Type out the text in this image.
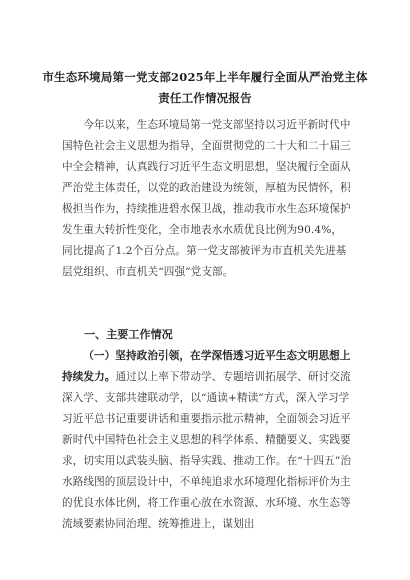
市生态环境局第一党支部2025年上半年履行全面从严治党主体责任工作情况报告
今年以来，生态环境局第一党支部坚持以习近平新时代中国特色社会主义思想为指导，全面贯彻党的二十大和二十届三中全会精神，认真践行习近平生态文明思想，坚决履行全面从严治党主体责任，以党的政治建设为统领，厚植为民情怀，积极担当作为，持续推进碧水保卫战，推动我市水生态环境保护发生重大转折性变化，全市地表水水质优良比例为90.4%，同比提高了1.2个百分点。第一党支部被评为市直机关先进基层党组织、市直机关“四强”党支部。
一、主要工作情况
（一）坚持政治引领，在学深悟透习近平生态文明思想上持续发力。通过以上率下带动学、专题培训拓展学、研讨交流深入学、支部共建联动学，以“通读+精读”方式，深入学习学习近平总书记重要讲话和重要指示批示精神，全面领会习近平新时代中国特色社会主义思想的科学体系、精髓要义、实践要求，切实用以武装头脑、指导实践、推动工作。在“十四五”治水路线图的顶层设计中，不单纯追求水环境理化指标评价为主的优良水体比例，将工作重心放在水资源、水环境、水生态等流域要素协同治理、统筹推进上，谋划出
